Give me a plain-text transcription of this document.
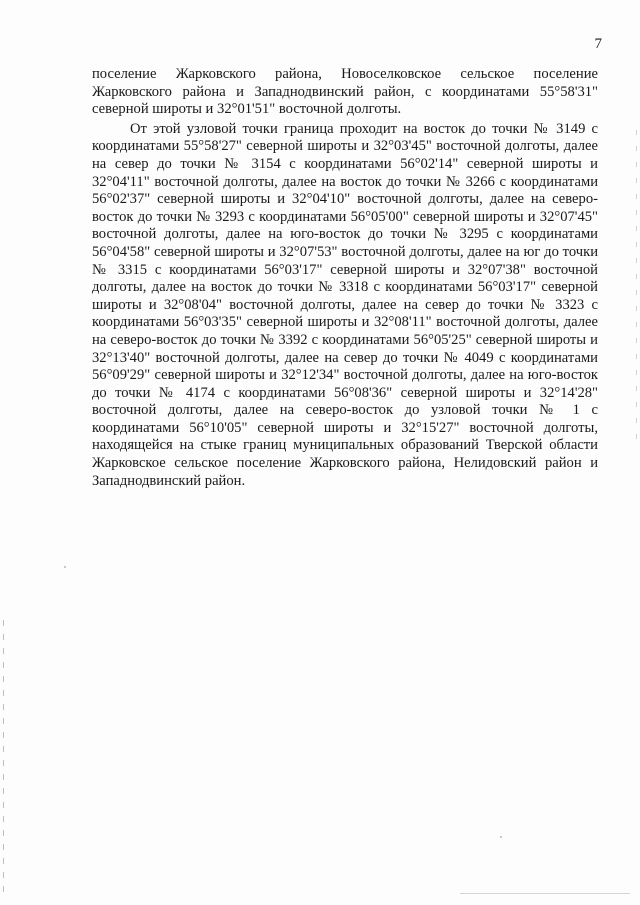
7

поселение Жарковского района, Новоселковское сельское поселение Жарковского района и Западнодвинский район, с координатами 55°58'31" северной широты и 32°01'51" восточной долготы.

От этой узловой точки граница проходит на восток до точки № 3149 с координатами 55°58'27" северной широты и 32°03'45" восточной долготы, далее на север до точки № 3154 с координатами 56°02'14" северной широты и 32°04'11" восточной долготы, далее на восток до точки № 3266 с координатами 56°02'37" северной широты и 32°04'10" восточной долготы, далее на северо-восток до точки № 3293 с координатами 56°05'00" северной широты и 32°07'45" восточной долготы, далее на юго-восток до точки № 3295 с координатами 56°04'58" северной широты и 32°07'53" восточной долготы, далее на юг до точки № 3315 с координатами 56°03'17" северной широты и 32°07'38" восточной долготы, далее на восток до точки № 3318 с координатами 56°03'17" северной широты и 32°08'04" восточной долготы, далее на север до точки № 3323 с координатами 56°03'35" северной широты и 32°08'11" восточной долготы, далее на северо-восток до точки № 3392 с координатами 56°05'25" северной широты и 32°13'40" восточной долготы, далее на север до точки № 4049 с координатами 56°09'29" северной широты и 32°12'34" восточной долготы, далее на юго-восток до точки № 4174 с координатами 56°08'36" северной широты и 32°14'28" восточной долготы, далее на северо-восток до узловой точки № 1 с координатами 56°10'05" северной широты и 32°15'27" восточной долготы, находящейся на стыке границ муниципальных образований Тверской области Жарковское сельское поселение Жарковского района, Нелидовский район и Западнодвинский район.
